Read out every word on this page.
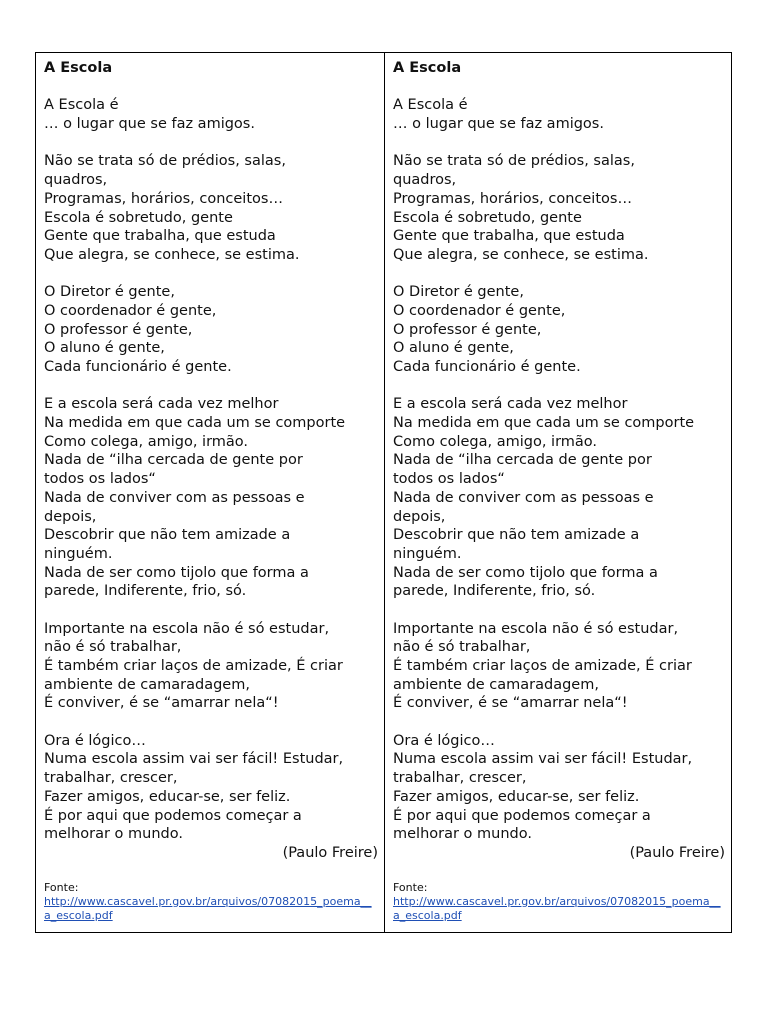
A Escola
A Escola é
… o lugar que se faz amigos.
Não se trata só de prédios, salas,
quadros,
Programas, horários, conceitos…
Escola é sobretudo, gente
Gente que trabalha, que estuda
Que alegra, se conhece, se estima.
O Diretor é gente,
O coordenador é gente,
O professor é gente,
O aluno é gente,
Cada funcionário é gente.
E a escola será cada vez melhor
Na medida em que cada um se comporte
Como colega, amigo, irmão.
Nada de “ilha cercada de gente por
todos os lados“
Nada de conviver com as pessoas e
depois,
Descobrir que não tem amizade a
ninguém.
Nada de ser como tijolo que forma a
parede, Indiferente, frio, só.
Importante na escola não é só estudar,
não é só trabalhar,
É também criar laços de amizade, É criar
ambiente de camaradagem,
É conviver, é se “amarrar nela“!
Ora é lógico…
Numa escola assim vai ser fácil! Estudar,
trabalhar, crescer,
Fazer amigos, educar-se, ser feliz.
É por aqui que podemos começar a
melhorar o mundo.
(Paulo Freire)
Fonte:
http://www.cascavel.pr.gov.br/arquivos/07082015_poema__a_escola.pdf
A Escola
A Escola é
… o lugar que se faz amigos.
Não se trata só de prédios, salas,
quadros,
Programas, horários, conceitos…
Escola é sobretudo, gente
Gente que trabalha, que estuda
Que alegra, se conhece, se estima.
O Diretor é gente,
O coordenador é gente,
O professor é gente,
O aluno é gente,
Cada funcionário é gente.
E a escola será cada vez melhor
Na medida em que cada um se comporte
Como colega, amigo, irmão.
Nada de “ilha cercada de gente por
todos os lados“
Nada de conviver com as pessoas e
depois,
Descobrir que não tem amizade a
ninguém.
Nada de ser como tijolo que forma a
parede, Indiferente, frio, só.
Importante na escola não é só estudar,
não é só trabalhar,
É também criar laços de amizade, É criar
ambiente de camaradagem,
É conviver, é se “amarrar nela“!
Ora é lógico…
Numa escola assim vai ser fácil! Estudar,
trabalhar, crescer,
Fazer amigos, educar-se, ser feliz.
É por aqui que podemos começar a
melhorar o mundo.
(Paulo Freire)
Fonte:
http://www.cascavel.pr.gov.br/arquivos/07082015_poema__a_escola.pdf
